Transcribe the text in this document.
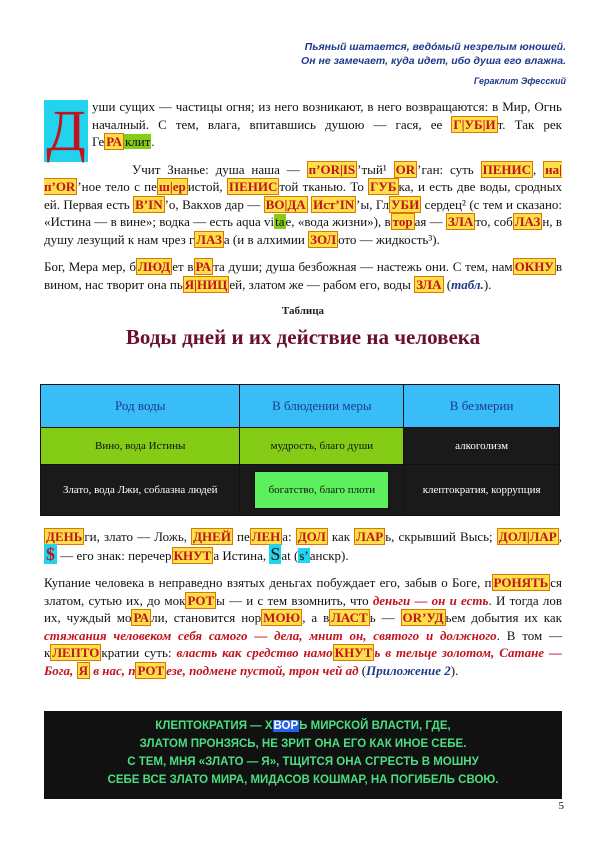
Пьяный шатается, ведóмый незрелым юношей.
Он не замечает, куда идет, ибо душа его влажна.
Гераклит Эфесский

Д уши сущих — частицы огня; из него возникают, в него возвращаются: в Мир, Огнь началный. С тем, влага, впитавшись душою — гася, ее Г|УБ|И т. Так рек Ге РА клит.

Учит Знанье: душа наша — п’OR|IS ’тый¹ OR ’ган: суть ПЕНИС , на|п’OR ’ное тело с пе ш|ер истой, ПЕНИС той тканью. То ГУБ ка, и есть две воды, сродных ей. Первая есть В’IN ’о, Вакхов дар — ВО|ДА Ист’IN ’ы, Гл УБИ сердец² (с тем и сказано: «Истина — в вине»; водка — есть aqua vitae, «вода жизни»), в тор ая — ЗЛА то, соб ЛАЗ н, в душу лезущий к нам чрез г ЛАЗ а (и в алхимии ЗОЛ ото — жидкость³).

Бог, Мера мер, б ЛЮД ет в РА та души; душа безбожная — настежь они. С тем, нам ОКНУ в вином, нас творит она пь Я|НИЦ ей, златом же — рабом его, воды ЗЛА (табл.).

Таблица
Воды дней и их действие на человека
Род воды	В блюдении меры	В безмерии
Вино, вода Истины	мудрость, благо души	алкоголизм
Злато, вода Лжи, соблазна людей	богатство, благо плоти	клептократия, коррупция

ДЕНЬ ги, злато — Ложь, ДНЕЙ пе ЛЕН а: ДОЛ как ЛАР ь, скрывший Высь; ДОЛ|ЛАР , $ — его знак: перечер КНУТ а Истина, Sat (s’анскр).

Купание человека в неправедно взятых деньгах побуждает его, забыв о Боге, п РОНЯТЬ ся златом, сутью их, до мок РОТ ы — и с тем взомнить, что деньги — он и есть. И тогда лов их, чуждый мо РА ли, становится нор МОЮ , а в ЛАСТ ь — OR’УД ьем добытия их как стяжания человеком себя самого — дела, мнит он, святого и должного. В том — к ЛЕПТО кратии суть: власть как средство намо КНУТ ь в тельце золотом, Сатане — Бога, Я в нас, п РОТ езе, подмене пустой, трон чей ад (Приложение 2).

КЛЕПТОКРАТИЯ — ХВОРЬ МИРСКОЙ ВЛАСТИ, ГДЕ,
ЗЛАТОМ ПРОНЗЯСЬ, НЕ ЗРИТ ОНА ЕГО КАК ИНОЕ СЕБЕ.
С ТЕМ, МНЯ «ЗЛАТО — Я», ТЩИТСЯ ОНА СГРЕСТЬ В МОШНУ
СЕБЕ ВСЕ ЗЛАТО МИРА, МИДАСОВ КОШМАР, НА ПОГИБЕЛЬ СВОЮ.
5
